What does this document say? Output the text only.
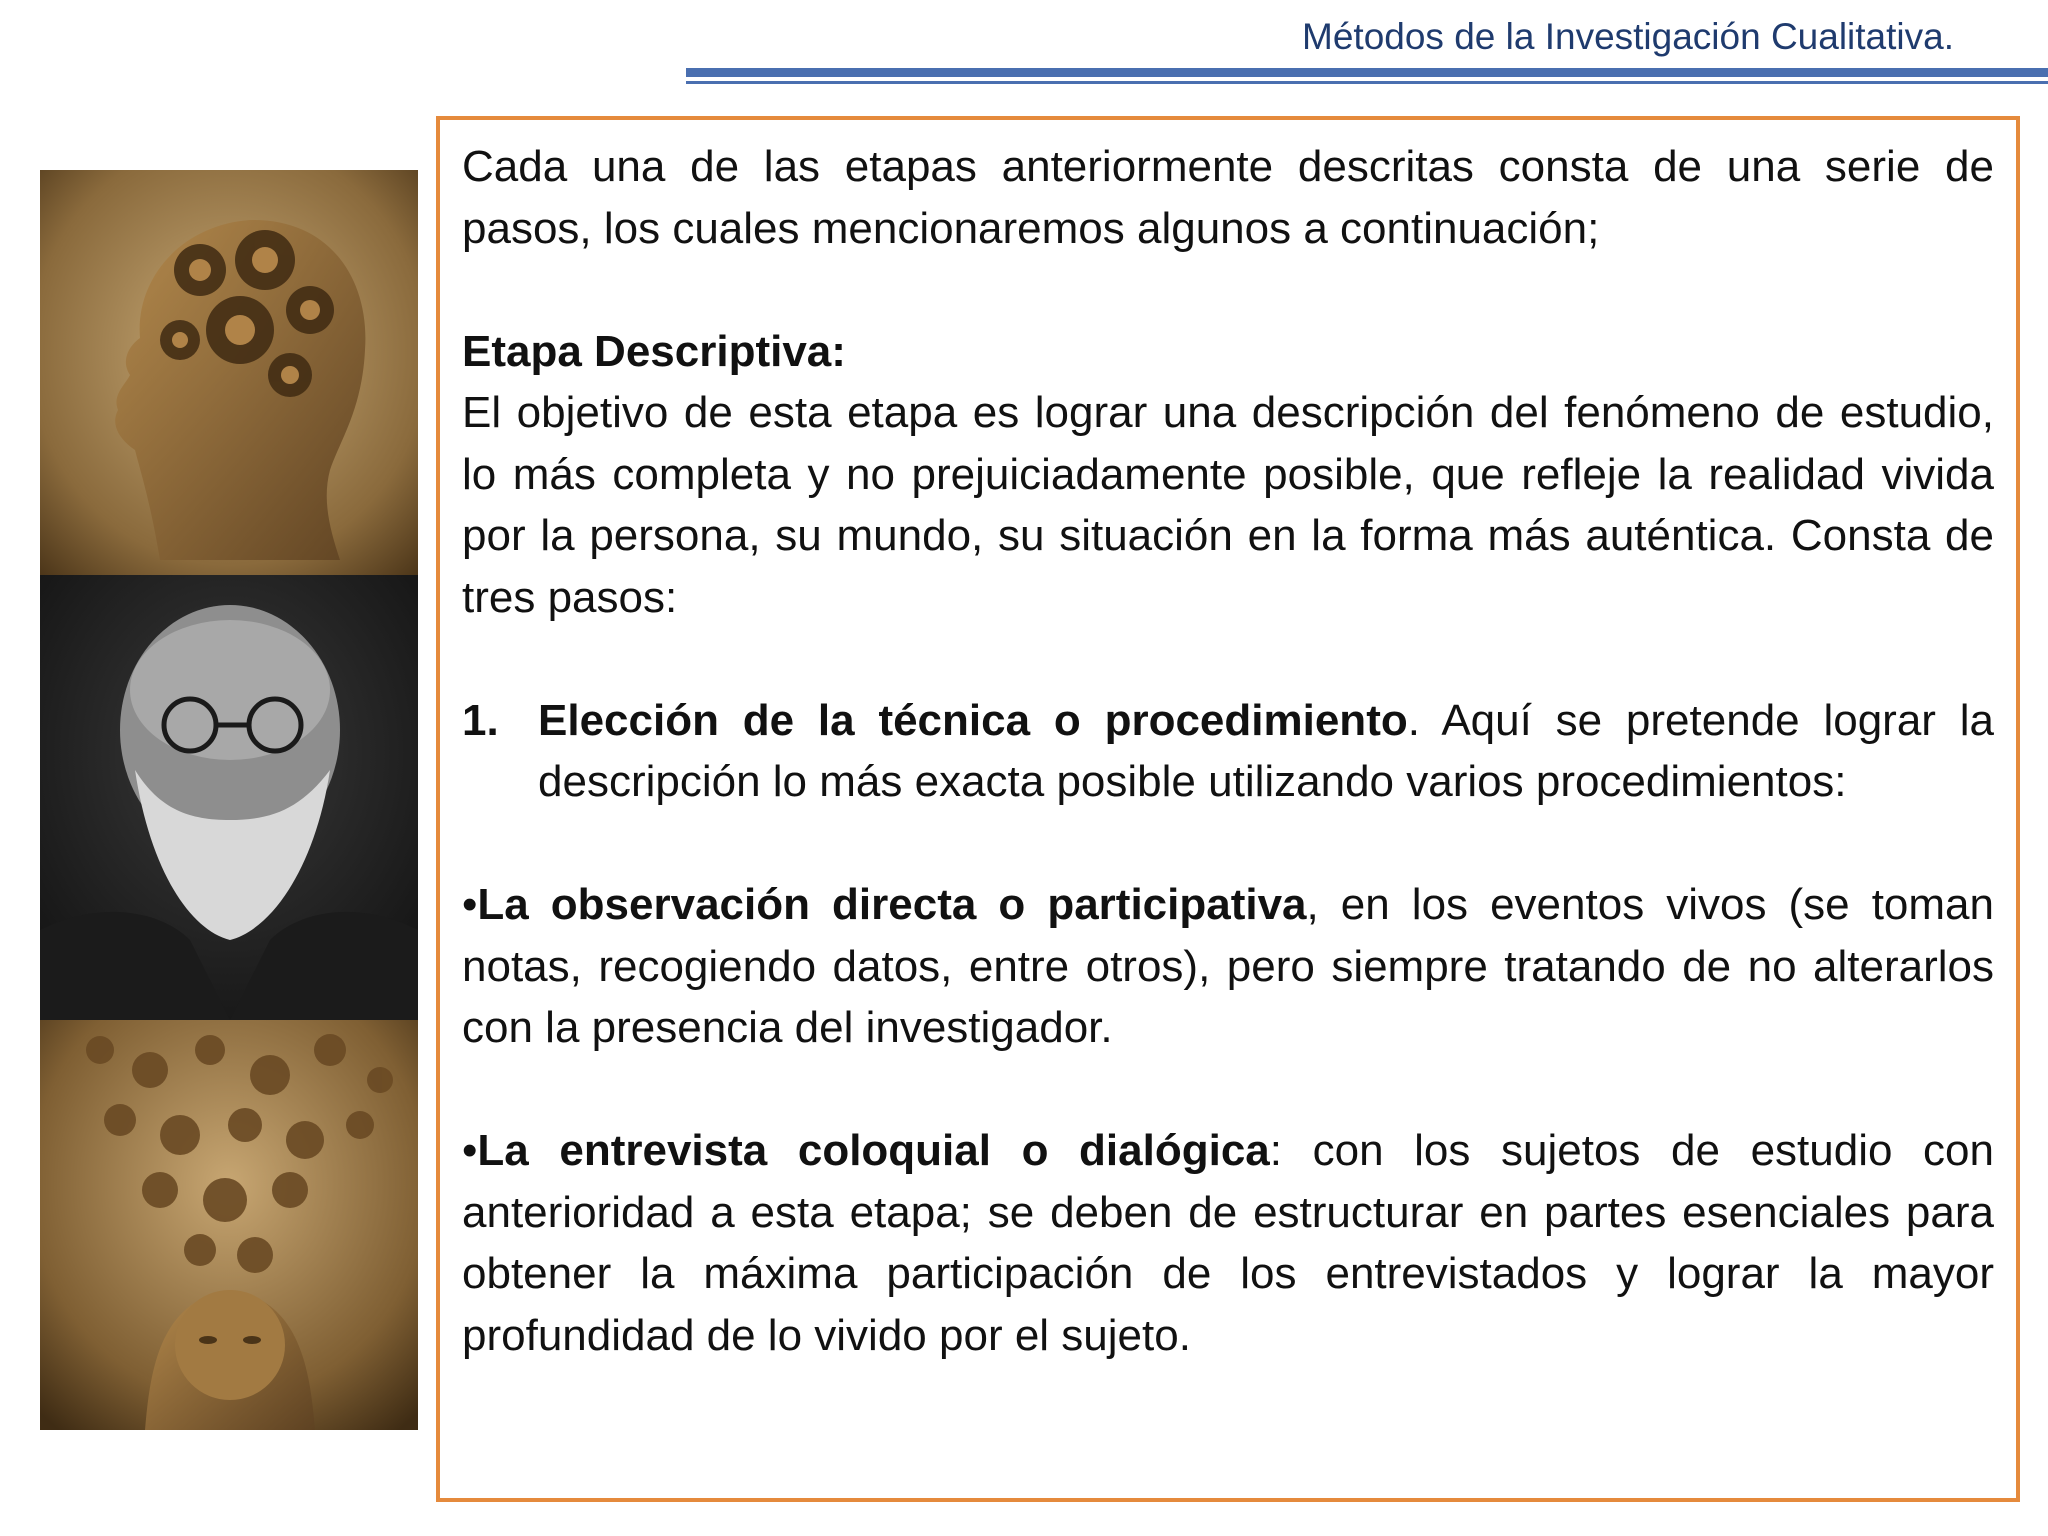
Métodos de la Investigación Cualitativa.

Cada una de las etapas anteriormente descritas consta de una serie de pasos, los cuales mencionaremos algunos a continuación;

Etapa Descriptiva:

El objetivo de esta etapa es lograr una descripción del fenómeno de estudio, lo más completa y no prejuiciadamente posible, que refleje la realidad vivida por la persona, su mundo, su situación en la forma más auténtica. Consta de tres pasos:

1. Elección de la técnica o procedimiento. Aquí se pretende lograr la descripción lo más exacta posible utilizando varios procedimientos:

•La observación directa o participativa, en los eventos vivos (se toman notas, recogiendo datos, entre otros), pero siempre tratando de no alterarlos con la presencia del investigador.

•La entrevista coloquial o dialógica: con los sujetos de estudio con anterioridad a esta etapa; se deben de estructurar en partes esenciales para obtener la máxima participación de los entrevistados y lograr la mayor profundidad de lo vivido por el sujeto.
